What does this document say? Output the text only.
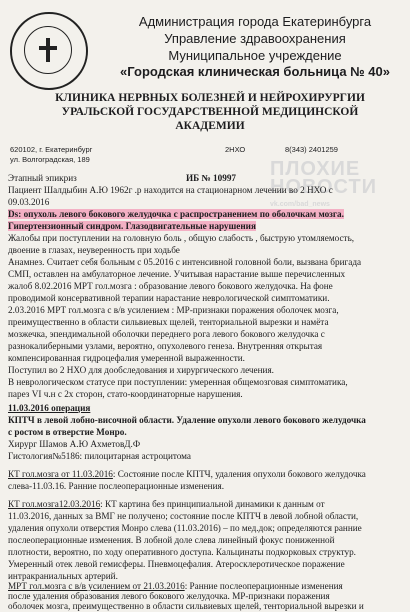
Администрация города Екатеринбурга
Управление здравоохранения
Муниципальное учреждение
«Городская клиническая больница № 40»
КЛИНИКА НЕРВНЫХ БОЛЕЗНЕЙ И НЕЙРОХИРУРГИИ
УРАЛЬСКОЙ ГОСУДАРСТВЕННОЙ МЕДИЦИНСКОЙ
АКАДЕМИИ
620102, г. Екатеринбург
ул. Волгоградская, 189
2НХО	8(343) 2401259
ПЛОХИЕ
НОВОСТИ
vk.com/bad_news
Этапный эпикриз	ИБ № 10997
Пациент Шалдыбин А.Ю 1962г .р находится на стационарном лечении во 2 НХО с
09.03.2016
Ds: опухоль левого бокового желудочка с распространением по оболочкам мозга.
Гипертензионный синдром. Глазодвигательные нарушения
Жалобы при поступлении на головную боль , общую слабость , быструю утомляемость,
двоение в глазах, неуверенность при ходьбе
Анамнез. Считает себя больным с 05.2016 с интенсивной головной боли, вызвана бригада
СМП, оставлен на амбулаторное лечение. Учитывая нарастание выше перечисленных
жалоб 8.02.2016 МРТ гол.мозга : образование левого бокового желудочка. На фоне
проводимой консервативной терапии нарастание неврологической симптоматики.
2.03.2016 МРТ гол.мозга с в/в усилением : МР-признаки поражения оболочек мозга,
преимущественно в области сильвиевых щелей, тенториальной вырезки и намёта
мозжечка, эпендимальной оболочки переднего рога левого бокового желудочка с
разнокалиберными узлами, вероятно, опухолевого генеза. Внутренняя открытая
компенсированная гидроцефалия умеренной выраженности.
Поступил во 2 НХО для дообследования и хирургического лечения.
В неврологическом статусе при поступлении: умеренная общемозговая симптоматика,
парез VI ч.н с 2х сторон, стато-координаторные нарушения.
11.03.2016 операция
КПТЧ в левой лобно-височной области. Удаление опухоли левого бокового желудочка
с ростом в отверстие Монро.
Хирург Шамов А.Ю АхметовД.Ф
Гистология№5186: пилоцитарная астроцитома
КТ гол.мозга от 11.03.2016: Состояние после КПТЧ, удаления опухоли бокового желудочка
слева-11.03.16. Ранние послеоперационные изменения.
КТ гол.мозга12.03.2016: КТ картина без принципиальной динамики к данным от
11.03.2016, данных за ВМГ не получено; состояние после КПТЧ в левой лобной области,
удаления опухоли отверстия Монро слева (11.03.2016) – по мед.док; определяются ранние
послеоперационные изменения. В лобной доле слева линейный фокус пониженной
плотности, вероятно, по ходу оперативного доступа. Кальцинаты подкорковых структур.
Умеренный отек левой гемисферы. Пневмоцефалия. Атеросклеротическое поражение
интракраниальных артерий.
МРТ гол.мозга с в/в усилением от 21.03.2016: Ранние послеоперационные изменения
после удаления образования левого бокового желудочка. МР-признаки поражения
оболочек мозга, преимущественно в области сильвиевых щелей, тенториальной вырезки и
